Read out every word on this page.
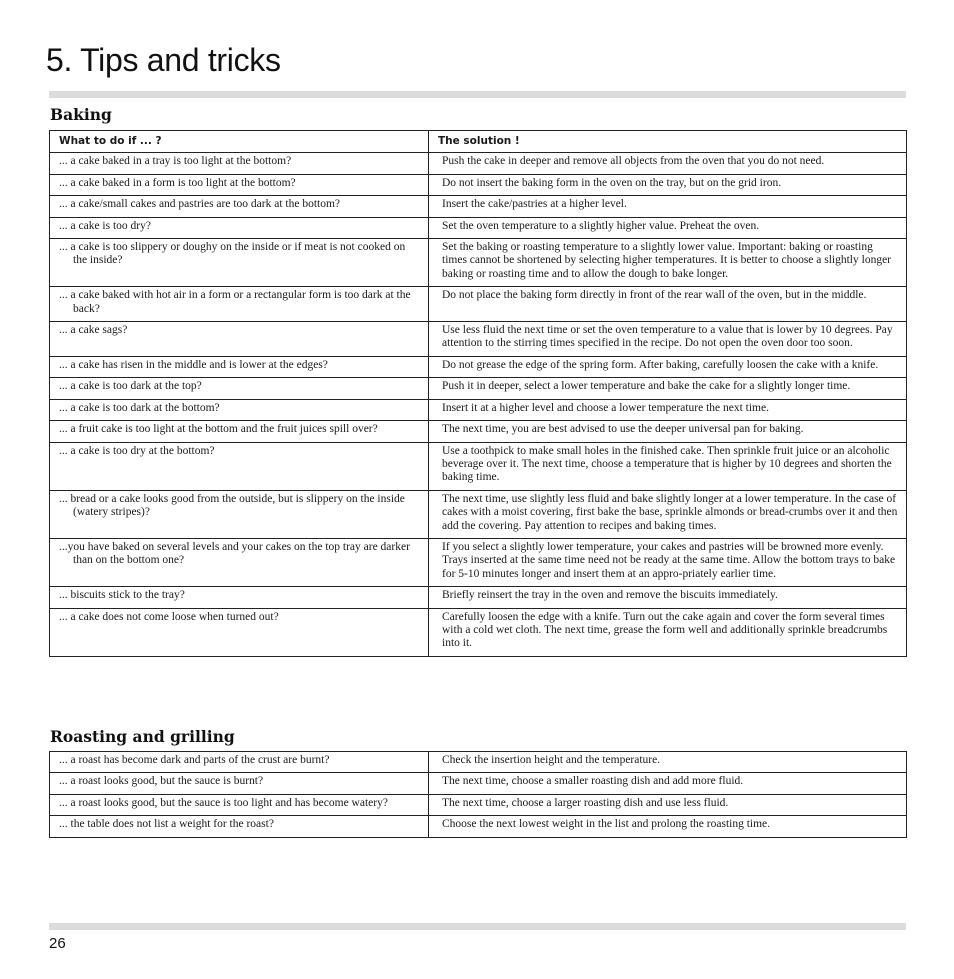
5. Tips and tricks
Baking
What to do if ... ?	The solution !

... a cake baked in a tray is too light at the bottom?	Push the cake in deeper and remove all objects from the oven that you do not need.

... a cake baked in a form is too light at the bottom?	Do not insert the baking form in the oven on the tray, but on the grid iron.

... a cake/small cakes and pastries are too dark at the bottom?	Insert the cake/pastries at a higher level.

... a cake is too dry?	Set the oven temperature to a slightly higher value. Preheat the oven.

... a cake is too slippery or doughy on the inside or if meat is not cooked on the inside?	Set the baking or roasting temperature to a slightly lower value. Important: baking or roasting times cannot be shortened by selecting higher temperatures. It is better to choose a slightly longer baking or roasting time and to allow the dough to bake longer.

... a cake baked with hot air in a form or a rectangular form is too dark at the back?	Do not place the baking form directly in front of the rear wall of the oven, but in the middle.

... a cake sags?	Use less fluid the next time or set the oven temperature to a value that is lower by 10 degrees. Pay attention to the stirring times specified in the recipe. Do not open the oven door too soon.

... a cake has risen in the middle and is lower at the edges?	Do not grease the edge of the spring form. After baking, carefully loosen the cake with a knife.

... a cake is too dark at the top?	Push it in deeper, select a lower temperature and bake the cake for a slightly longer time.

... a cake is too dark at the bottom?	Insert it at a higher level and choose a lower temperature the next time.

... a fruit cake is too light at the bottom and the fruit juices spill over?	The next time, you are best advised to use the deeper universal pan for baking.

... a cake is too dry at the bottom?	Use a toothpick to make small holes in the finished cake. Then sprinkle fruit juice or an alcoholic beverage over it. The next time, choose a temperature that is higher by 10 degrees and shorten the baking time.

... bread or a cake looks good from the outside, but is slippery on the inside (watery stripes)?	The next time, use slightly less fluid and bake slightly longer at a lower temperature. In the case of cakes with a moist covering, first bake the base, sprinkle almonds or bread-crumbs over it and then add the covering. Pay attention to recipes and baking times.

...you have baked on several levels and your cakes on the top tray are darker than on the bottom one?	If you select a slightly lower temperature, your cakes and pastries will be browned more evenly. Trays inserted at the same time need not be ready at the same time. Allow the bottom trays to bake for 5-10 minutes longer and insert them at an appro-priately earlier time.

... biscuits stick to the tray?	Briefly reinsert the tray in the oven and remove the biscuits immediately.

... a cake does not come loose when turned out?	Carefully loosen the edge with a knife. Turn out the cake again and cover the form several times with a cold wet cloth. The next time, grease the form well and additionally sprinkle breadcrumbs into it.
Roasting and grilling
... a roast has become dark and parts of the crust are burnt?	Check the insertion height and the temperature.

... a roast looks good, but the sauce is burnt?	The next time, choose a smaller roasting dish and add more fluid.

... a roast looks good, but the sauce is too light and has become watery?	The next time, choose a larger roasting dish and use less fluid.

... the table does not list a weight for the roast?	Choose the next lowest weight in the list and prolong the roasting time.
26
